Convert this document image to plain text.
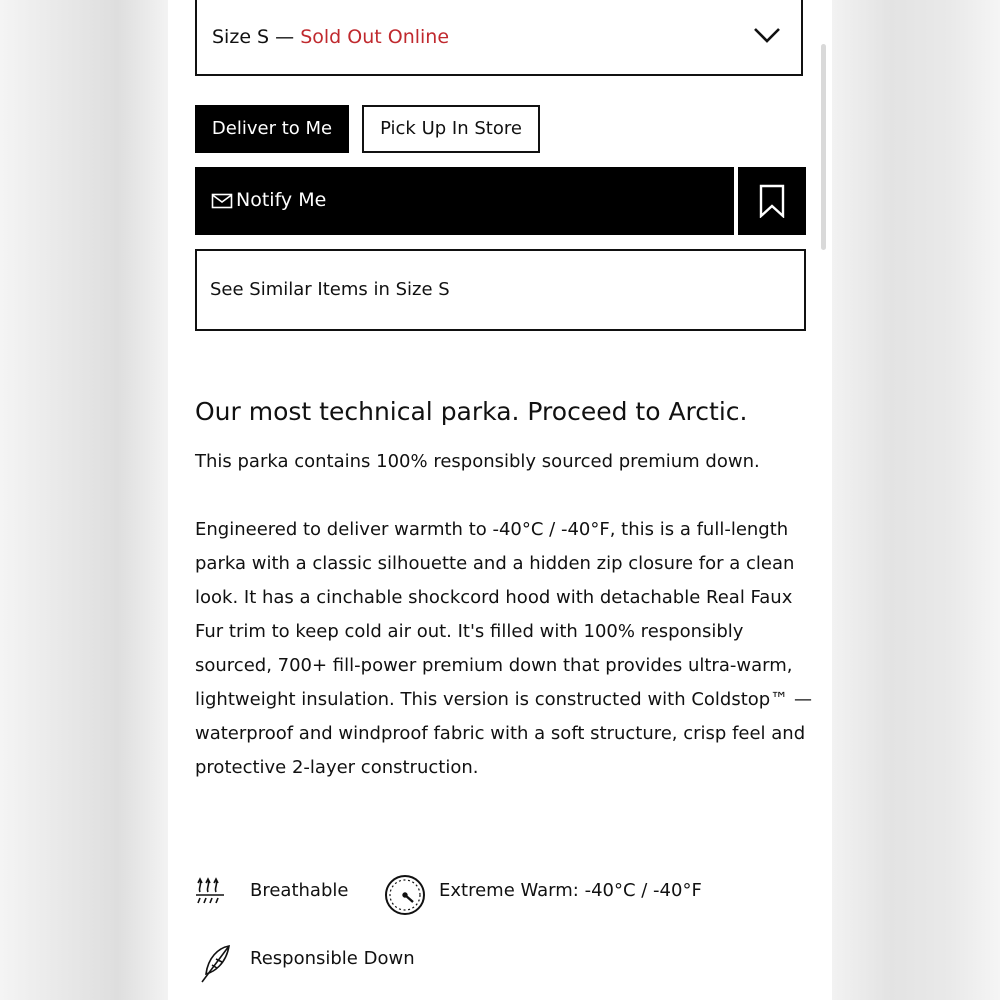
Size S — Sold Out Online
Deliver to Me	Pick Up In Store
Notify Me
See Similar Items in Size S
Our most technical parka. Proceed to Arctic.

This parka contains 100% responsibly sourced premium down.

Engineered to deliver warmth to -40°C / -40°F, this is a full-length parka with a classic silhouette and a hidden zip closure for a clean look. It has a cinchable shockcord hood with detachable Real Faux Fur trim to keep cold air out. It's filled with 100% responsibly sourced, 700+ fill-power premium down that provides ultra-warm, lightweight insulation. This version is constructed with Coldstop™ — waterproof and windproof fabric with a soft structure, crisp feel and protective 2-layer construction.

Breathable	Extreme Warm: -40°C / -40°F
Responsible Down
